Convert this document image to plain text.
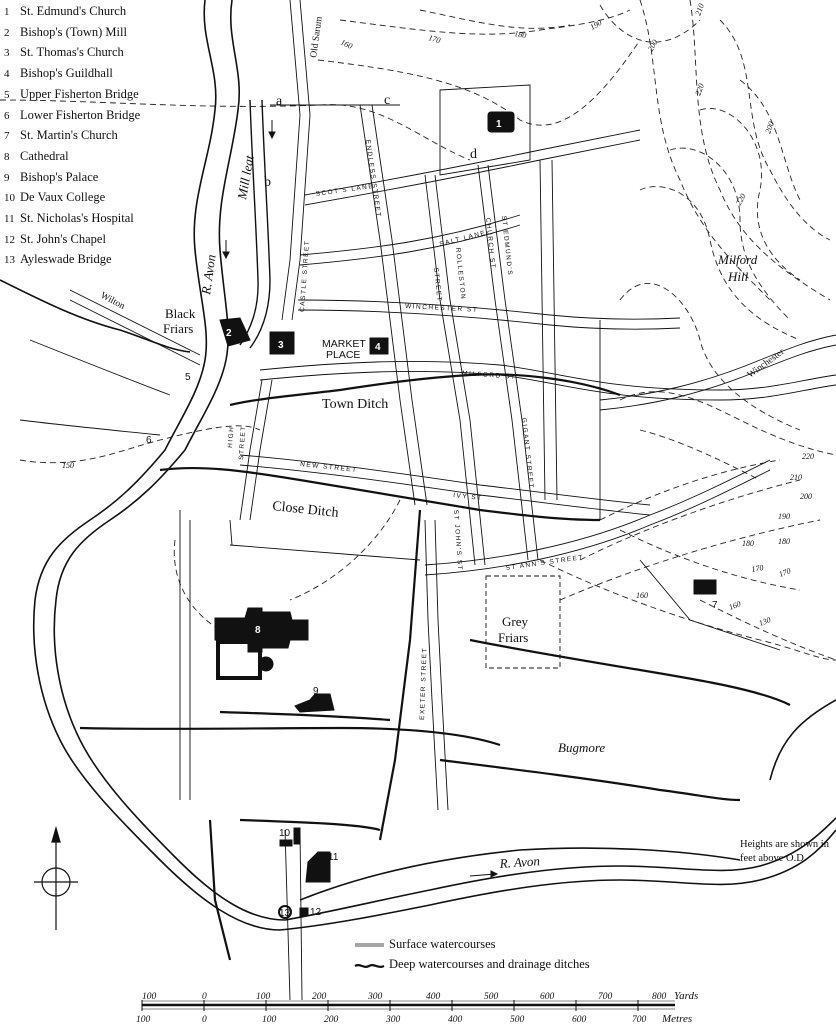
1
2
3	4
5
6
7
8
9
10
11
12
13
a
b
c
d
Mill leat
R. Avon
Black
Friars
MARKET
PLACE
Town Ditch
Close Ditch
Grey
Friars
Bugmore
Milford
Hill
R. Avon
Old Sarum
Wilton
Winchester
SCOT'S LANE
SALT LANE
WINCHESTER ST
MILFORD ST
NEW STREET
IVY ST
ST ANN'S STREET
CASTLE STREET
ENDLESS STREET
HIGH STREET
ST JOHN'S ST
EXETER STREET
GIGANT STREET
ROLLESTON
CHURCH ST ST EDMUND'S
STREET
160	170	180
190
200
210
220
150
130
160
170
180
190
200
210
220
160
170
180
200
220
100	0	100	200	300	400	500	600	700	800 Yards
100	0	100	200	300	400	500	600	700 Metres
1 St. Edmund's Church
2 Bishop's (Town) Mill
3 St. Thomas's Church
4 Bishop's Guildhall
5 Upper Fisherton Bridge
6 Lower Fisherton Bridge
7 St. Martin's Church
8 Cathedral
9 Bishop's Palace
10 De Vaux College
11 St. Nicholas's Hospital
12 St. John's Chapel
13 Ayleswade Bridge
Heights are shown in feet above O.D.
Surface watercourses
Deep watercourses and drainage ditches
